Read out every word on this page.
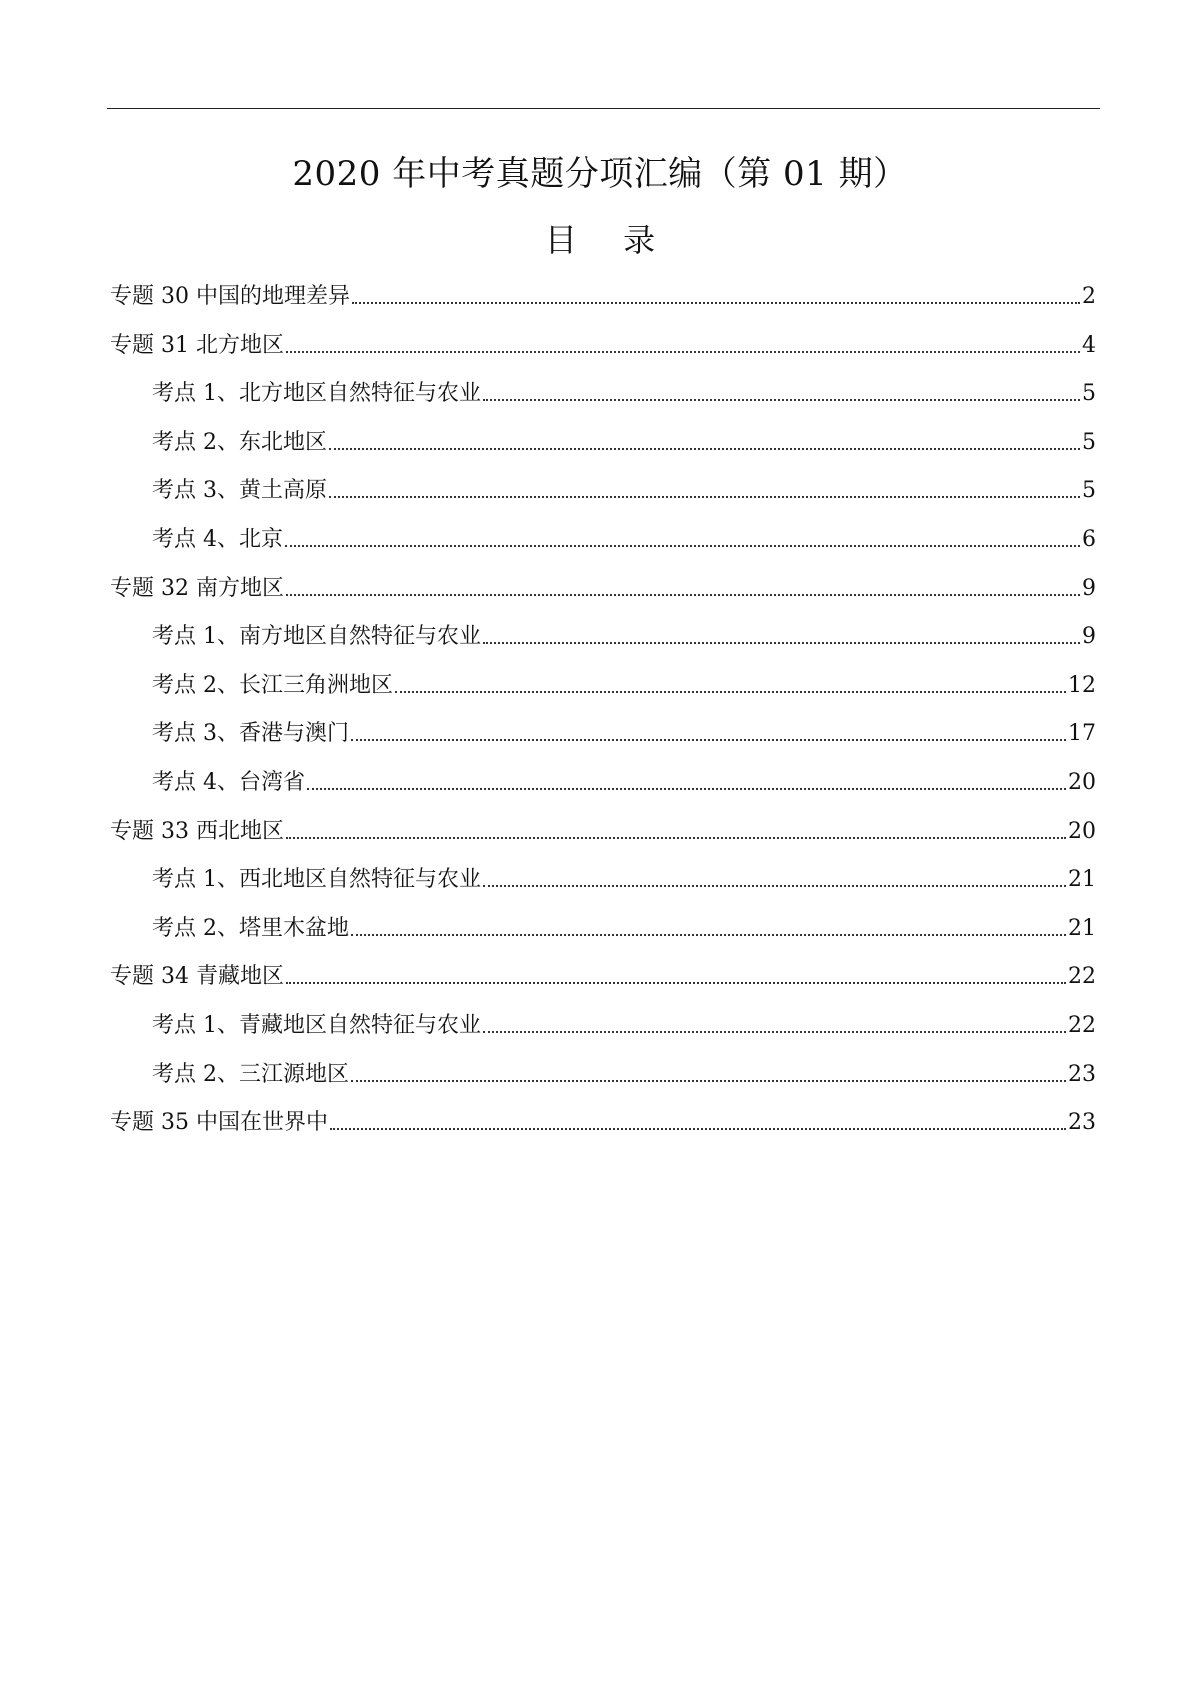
2020 年中考真题分项汇编（第 01 期）
目 录
专题 30 中国的地理差异	2
专题 31 北方地区	4
考点 1、北方地区自然特征与农业	5
考点 2、东北地区	5
考点 3、黄土高原	5
考点 4、北京	6
专题 32 南方地区	9
考点 1、南方地区自然特征与农业	9
考点 2、长江三角洲地区	12
考点 3、香港与澳门	17
考点 4、台湾省	20
专题 33 西北地区	20
考点 1、西北地区自然特征与农业	21
考点 2、塔里木盆地	21
专题 34 青藏地区	22
考点 1、青藏地区自然特征与农业	22
考点 2、三江源地区	23
专题 35 中国在世界中	23
